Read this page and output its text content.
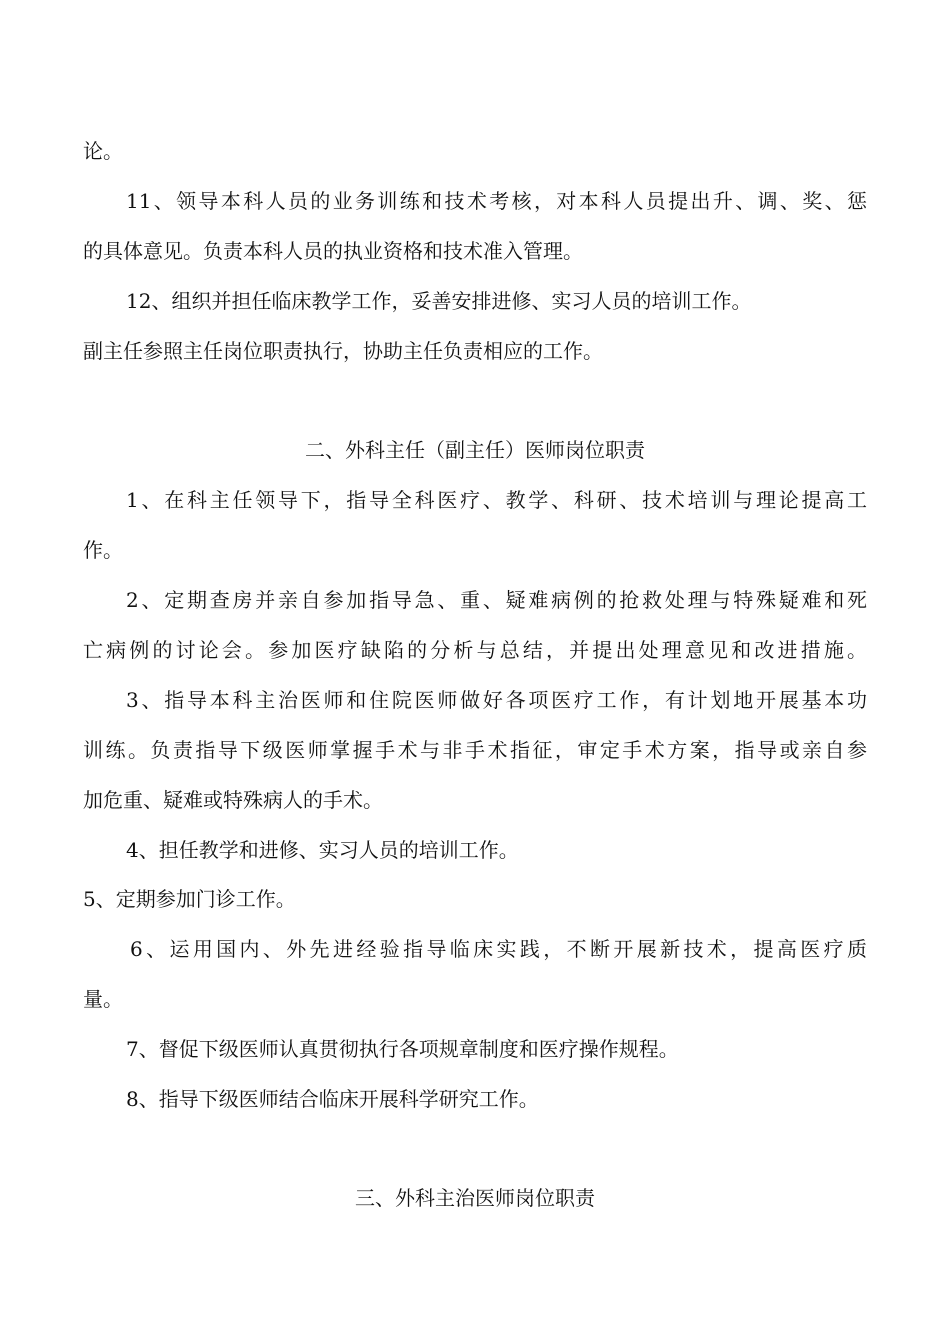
论。

11、领导本科人员的业务训练和技术考核，对本科人员提出升、调、奖、惩

的具体意见。负责本科人员的执业资格和技术准入管理。

12、组织并担任临床教学工作，妥善安排进修、实习人员的培训工作。

副主任参照主任岗位职责执行，协助主任负责相应的工作。

二、外科主任（副主任）医师岗位职责

1、在科主任领导下，指导全科医疗、教学、科研、技术培训与理论提高工

作。

2、定期查房并亲自参加指导急、重、疑难病例的抢救处理与特殊疑难和死

亡病例的讨论会。参加医疗缺陷的分析与总结，并提出处理意见和改进措施。

3、指导本科主治医师和住院医师做好各项医疗工作，有计划地开展基本功

训练。负责指导下级医师掌握手术与非手术指征，审定手术方案，指导或亲自参

加危重、疑难或特殊病人的手术。

4、担任教学和进修、实习人员的培训工作。

5、定期参加门诊工作。

6、运用国内、外先进经验指导临床实践，不断开展新技术，提高医疗质

量。

7、督促下级医师认真贯彻执行各项规章制度和医疗操作规程。

8、指导下级医师结合临床开展科学研究工作。

三、外科主治医师岗位职责
